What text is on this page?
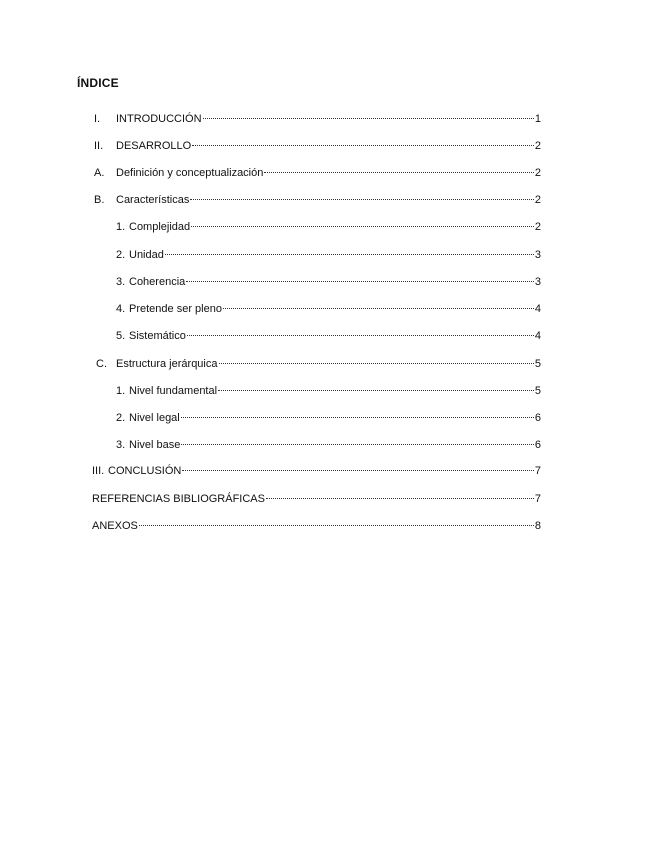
ÍNDICE
I.	INTRODUCCIÓN	1
II.	DESARROLLO	2
A.	Definición y conceptualización	2
B.	Características	2
1. Complejidad	2
2. Unidad	3
3. Coherencia	3
4. Pretende ser pleno	4
5. Sistemático	4
C. Estructura jerárquica	5
1. Nivel fundamental	5
2. Nivel legal	6
3. Nivel base	6
III. CONCLUSIÓN	7
REFERENCIAS BIBLIOGRÁFICAS	7
ANEXOS	8
